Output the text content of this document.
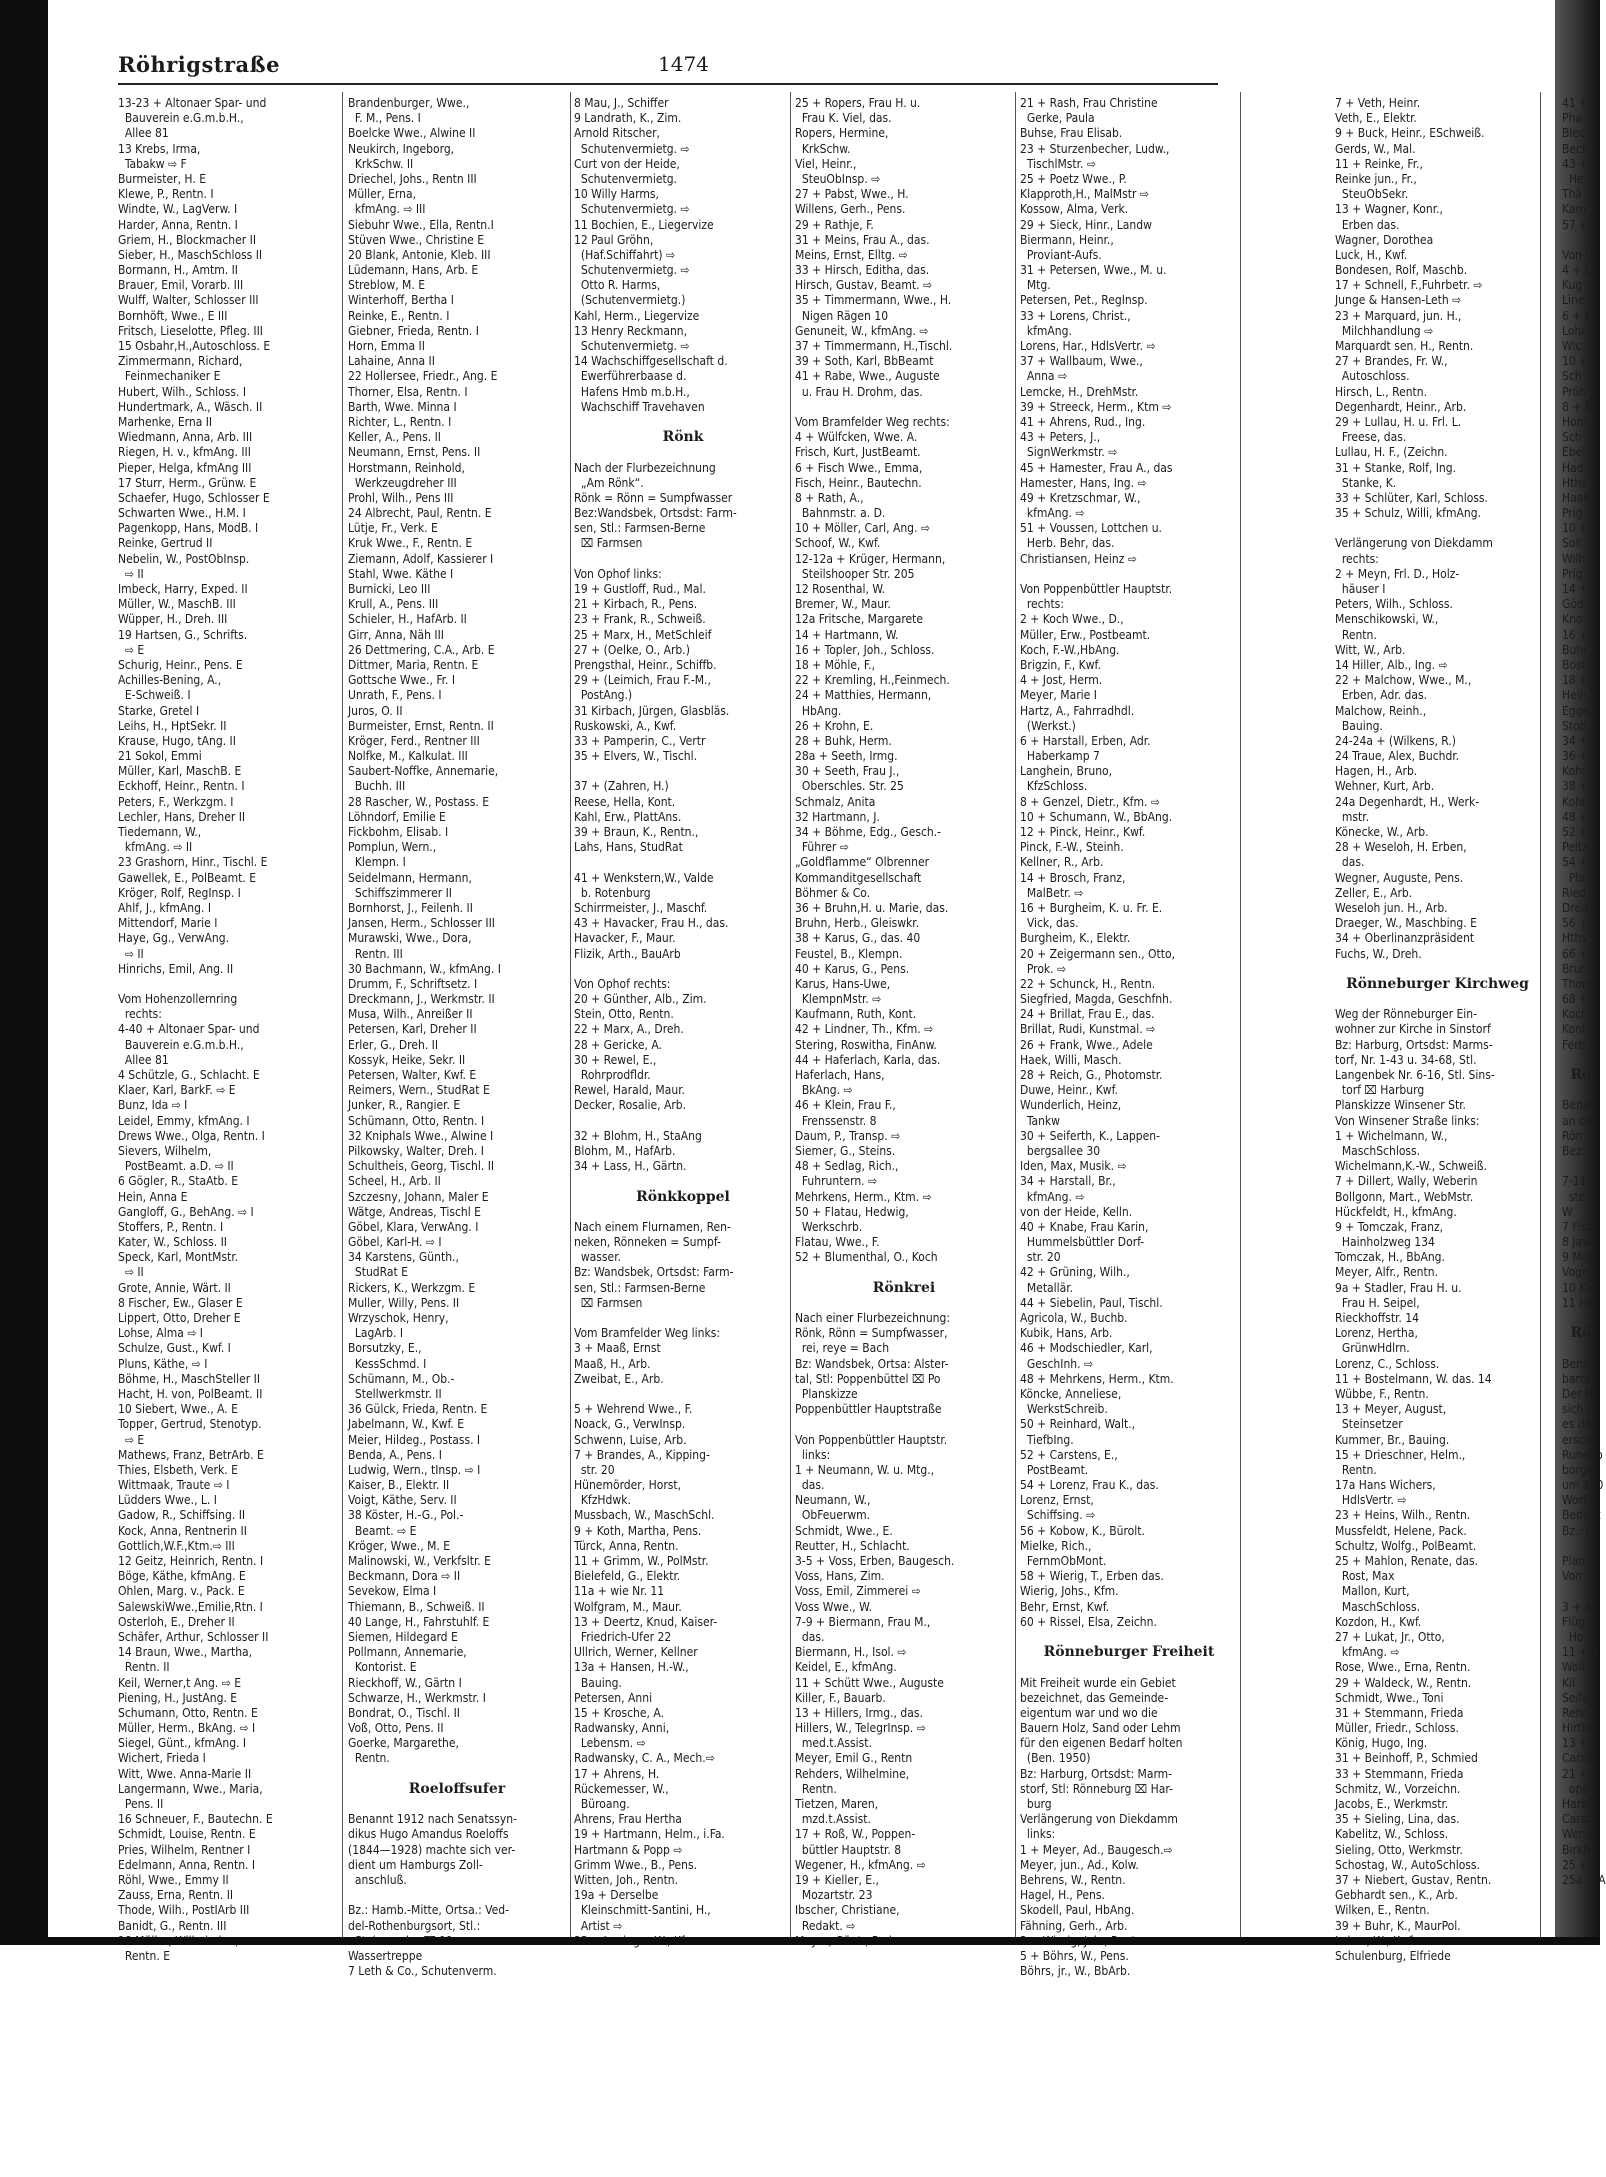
Röhrigstraße	1474
13-23 + Altonaer Spar- und
Bauverein e.G.m.b.H.,
Allee 81
13 Krebs, Irma,
Tabakw ⇨ F
Burmeister, H. E
Klewe, P., Rentn. I
Windte, W., LagVerw. I
Harder, Anna, Rentn. I
Griem, H., Blockmacher II
Sieber, H., MaschSchloss II
Bormann, H., Amtm. II
Brauer, Emil, Vorarb. III
Wulff, Walter, Schlosser III
Bornhöft, Wwe., E III
Fritsch, Lieselotte, Pfleg. III
15 Osbahr,H.,Autoschloss. E
Zimmermann, Richard,
Feinmechaniker E
Hubert, Wilh., Schloss. I
Hundertmark, A., Wäsch. II
Marhenke, Erna II
Wiedmann, Anna, Arb. III
Riegen, H. v., kfmAng. III
Pieper, Helga, kfmAng III
17 Sturr, Herm., Grünw. E
Schaefer, Hugo, Schlosser E
Schwarten Wwe., H.M. I
Pagenkopp, Hans, ModB. I
Reinke, Gertrud II
Nebelin, W., PostObInsp.
⇨ II
Imbeck, Harry, Exped. II
Müller, W., MaschB. III
Wüpper, H., Dreh. III
19 Hartsen, G., Schrifts.
⇨ E
Schurig, Heinr., Pens. E
Achilles-Bening, A.,
E-Schweiß. I
Starke, Gretel I
Leihs, H., HptSekr. II
Krause, Hugo, tAng. II
21 Sokol, Emmi
Müller, Karl, MaschB. E
Eckhoff, Heinr., Rentn. I
Peters, F., Werkzgm. I
Lechler, Hans, Dreher II
Tiedemann, W.,
kfmAng. ⇨ II
23 Grashorn, Hinr., Tischl. E
Gawellek, E., PolBeamt. E
Kröger, Rolf, RegInsp. I
Ahlf, J., kfmAng. I
Mittendorf, Marie I
Haye, Gg., VerwAng.
⇨ II
Hinrichs, Emil, Ang. II
Vom Hohenzollernring
rechts:
4-40 + Altonaer Spar- und
Bauverein e.G.m.b.H.,
Allee 81
4 Schützle, G., Schlacht. E
Klaer, Karl, BarkF. ⇨ E
Bunz, Ida ⇨ I
Leidel, Emmy, kfmAng. I
Drews Wwe., Olga, Rentn. I
Sievers, Wilhelm,
PostBeamt. a.D. ⇨ II
6 Gögler, R., StaAtb. E
Hein, Anna E
Gangloff, G., BehAng. ⇨ I
Stoffers, P., Rentn. I
Kater, W., Schloss. II
Speck, Karl, MontMstr.
⇨ II
Grote, Annie, Wärt. II
8 Fischer, Ew., Glaser E
Lippert, Otto, Dreher E
Lohse, Alma ⇨ I
Schulze, Gust., Kwf. I
Pluns, Käthe, ⇨ I
Böhme, H., MaschSteller II
Hacht, H. von, PolBeamt. II
10 Siebert, Wwe., A. E
Topper, Gertrud, Stenotyp.
⇨ E
Mathews, Franz, BetrArb. E
Thies, Elsbeth, Verk. E
Wittmaak, Traute ⇨ I
Lüdders Wwe., L. I
Gadow, R., Schiffsing. II
Kock, Anna, Rentnerin II
Gottlich,W.F.,Ktm.⇨ III
12 Geitz, Heinrich, Rentn. I
Böge, Käthe, kfmAng. E
Ohlen, Marg. v., Pack. E
SalewskiWwe.,Emilie,Rtn. I
Osterloh, E., Dreher II
Schäfer, Arthur, Schlosser II
14 Braun, Wwe., Martha,
Rentn. II
Keil, Werner,t Ang. ⇨ E
Piening, H., JustAng. E
Schumann, Otto, Rentn. E
Müller, Herm., BkAng. ⇨ I
Siegel, Günt., kfmAng. I
Wichert, Frieda I
Witt, Wwe. Anna-Marie II
Langermann, Wwe., Maria,
Pens. II
16 Schneuer, F., Bautechn. E
Schmidt, Louise, Rentn. E
Pries, Wilhelm, Rentner I
Edelmann, Anna, Rentn. I
Röhl, Wwe., Emmy II
Zauss, Erna, Rentn. II
Thode, Wilh., PostIArb III
Banidt, G., Rentn. III
Rentn. E
Brandenburger, Wwe.,
F. M., Pens. I
Boelcke Wwe., Alwine II
Neukirch, Ingeborg,
KrkSchw. II
Driechel, Johs., Rentn III
Müller, Erna,
kfmAng. ⇨ III
Siebuhr Wwe., Ella, Rentn.I
Stüven Wwe., Christine E
20 Blank, Antonie, Kleb. III
Lüdemann, Hans, Arb. E
Streblow, M. E
Winterhoff, Bertha I
Reinke, E., Rentn. I
Giebner, Frieda, Rentn. I
Horn, Emma II
Lahaine, Anna II
22 Hollersee, Friedr., Ang. E
Thorner, Elsa, Rentn. I
Barth, Wwe. Minna I
Richter, L., Rentn. I
Keller, A., Pens. II
Neumann, Ernst, Pens. II
Horstmann, Reinhold,
Werkzeugdreher III
Prohl, Wilh., Pens III
24 Albrecht, Paul, Rentn. E
Lütje, Fr., Verk. E
Kruk Wwe., F., Rentn. E
Ziemann, Adolf, Kassierer I
Stahl, Wwe. Käthe I
Burnicki, Leo III
Krull, A., Pens. III
Schieler, H., HafArb. II
Girr, Anna, Näh III
26 Dettmering, C.A., Arb. E
Dittmer, Maria, Rentn. E
Gottsche Wwe., Fr. I
Unrath, F., Pens. I
Juros, O. II
Burmeister, Ernst, Rentn. II
Kröger, Ferd., Rentner III
Nolfke, M., Kalkulat. III
Saubert-Noffke, Annemarie,
Buchh. III
28 Rascher, W., Postass. E
Löhndorf, Emilie E
Fickbohm, Elisab. I
Pomplun, Wern.,
Klempn. I
Seidelmann, Hermann,
Schiffszimmerer II
Bornhorst, J., Feilenh. II
Jansen, Herm., Schlosser III
Murawski, Wwe., Dora,
Rentn. III
30 Bachmann, W., kfmAng. I
Drumm, F., Schriftsetz. I
Dreckmann, J., Werkmstr. II
Musa, Wilh., Anreißer II
Petersen, Karl, Dreher II
Erler, G., Dreh. II
Kossyk, Heike, Sekr. II
Petersen, Walter, Kwf. E
Reimers, Wern., StudRat E
Junker, R., Rangier. E
Schümann, Otto, Rentn. I
32 Kniphals Wwe., Alwine I
Pilkowsky, Walter, Dreh. I
Schultheis, Georg, Tischl. II
Scheel, H., Arb. II
Szczesny, Johann, Maler E
Wätge, Andreas, Tischl E
Göbel, Klara, VerwAng. I
Göbel, Karl-H. ⇨ I
34 Karstens, Günth.,
StudRat E
Rickers, K., Werkzgm. E
Muller, Willy, Pens. II
Wrzyschok, Henry,
LagArb. I
Borsutzky, E.,
KessSchmd. I
Schümann, M., Ob.-
Stellwerkmstr. II
36 Gülck, Frieda, Rentn. E
Jabelmann, W., Kwf. E
Meier, Hildeg., Postass. I
Benda, A., Pens. I
Ludwig, Wern., tInsp. ⇨ I
Kaiser, B., Elektr. II
Voigt, Käthe, Serv. II
38 Köster, H.-G., Pol.-
Beamt. ⇨ E
Kröger, Wwe., M. E
Malinowski, W., Verkfsltr. E
Beckmann, Dora ⇨ II
Sevekow, Elma I
Thiemann, B., Schweiß. II
40 Lange, H., Fahrstuhlf. E
Siemen, Hildegard E
Pollmann, Annemarie,
Kontorist. E
Rieckhoff, W., Gärtn I
Schwarze, H., Werkmstr. I
Bondrat, O., Tischl. II
Voß, Otto, Pens. II
Goerke, Margarethe,
Rentn.
Roeloffsufer
Benannt 1912 nach Senatssyn-
dikus Hugo Amandus Roeloffs
(1844—1928) machte sich ver-
dient um Hamburgs Zoll-
anschluß.
Bz.: Hamb.-Mitte, Ortsa.: Ved-
del-Rothenburgsort, Stl.:
Wassertreppe
7 Leth & Co., Schutenverm.
8 Mau, J., Schiffer
9 Landrath, K., Zim.
Arnold Ritscher,
Schutenvermietg. ⇨
Curt von der Heide,
Schutenvermietg.
10 Willy Harms,
Schutenvermietg. ⇨
11 Bochien, E., Liegervize
12 Paul Gröhn,
(Haf.Schiffahrt) ⇨
Schutenvermietg. ⇨
Otto R. Harms,
(Schutenvermietg.)
Kahl, Herm., Liegervize
13 Henry Reckmann,
Schutenvermietg. ⇨
14 Wachschiffgesellschaft d.
Ewerführerbaase d.
Hafens Hmb m.b.H.,
Wachschiff Travehaven
Rönk
Nach der Flurbezeichnung
„Am Rönk“.
Rönk = Rönn = Sumpfwasser
Bez:Wandsbek, Ortsdst: Farm-
sen, Stl.: Farmsen-Berne
⌧ Farmsen
Von Ophof links:
19 + Gustloff, Rud., Mal.
21 + Kirbach, R., Pens.
23 + Frank, R., Schweiß.
25 + Marx, H., MetSchleif
27 + (Oelke, O., Arb.)
Prengsthal, Heinr., Schiffb.
29 + (Leimich, Frau F.-M.,
PostAng.)
31 Kirbach, Jürgen, Glasbläs.
Ruskowski, A., Kwf.
33 + Pamperin, C., Vertr
35 + Elvers, W., Tischl.
37 + (Zahren, H.)
Reese, Hella, Kont.
Kahl, Erw., PlattAns.
39 + Braun, K., Rentn.,
Lahs, Hans, StudRat
41 + Wenkstern,W., Valde
b. Rotenburg
Schirrmeister, J., Maschf.
43 + Havacker, Frau H., das.
Havacker, F., Maur.
Flizik, Arth., BauArb
Von Ophof rechts:
20 + Günther, Alb., Zim.
Stein, Otto, Rentn.
22 + Marx, A., Dreh.
28 + Gericke, A.
30 + Rewel, E.,
Rohrprodfldr.
Rewel, Harald, Maur.
Decker, Rosalie, Arb.
32 + Blohm, H., StaAng
Blohm, M., HafArb.
34 + Lass, H., Gärtn.
Rönkkoppel
Nach einem Flurnamen, Ren-
neken, Rönneken = Sumpf-
wasser.
Bz: Wandsbek, Ortsdst: Farm-
sen, Stl.: Farmsen-Berne
⌧ Farmsen
Vom Bramfelder Weg links:
3 + Maaß, Ernst
Maaß, H., Arb.
Zweibat, E., Arb.
5 + Wehrend Wwe., F.
Noack, G., VerwInsp.
Schwenn, Luise, Arb.
7 + Brandes, A., Kipping-
str. 20
Hünemörder, Horst,
KfzHdwk.
Mussbach, W., MaschSchl.
9 + Koth, Martha, Pens.
Türck, Anna, Rentn.
11 + Grimm, W., PolMstr.
Bielefeld, G., Elektr.
11a + wie Nr. 11
Wolfgram, M., Maur.
13 + Deertz, Knud, Kaiser-
Friedrich-Ufer 22
Ullrich, Werner, Kellner
13a + Hansen, H.-W.,
Bauing.
Petersen, Anni
15 + Krosche, A.
Radwansky, Anni,
Lebensm. ⇨
Radwansky, C. A., Mech.⇨
17 + Ahrens, H.
Rückemesser, W.,
Büroang.
Ahrens, Frau Hertha
19 + Hartmann, Helm., i.Fa.
Hartmann & Popp ⇨
Grimm Wwe., B., Pens.
Witten, Joh., Rentn.
19a + Derselbe
Kleinschmitt-Santini, H.,
Artist ⇨
25 + Ropers, Frau H. u.
Frau K. Viel, das.
Ropers, Hermine,
KrkSchw.
Viel, Heinr.,
SteuObInsp. ⇨
27 + Pabst, Wwe., H.
Willens, Gerh., Pens.
29 + Rathje, F.
31 + Meins, Frau A., das.
Meins, Ernst, Elltg. ⇨
33 + Hirsch, Editha, das.
Hirsch, Gustav, Beamt. ⇨
35 + Timmermann, Wwe., H.
Nigen Rägen 10
Genuneit, W., kfmAng. ⇨
37 + Timmermann, H.,Tischl.
39 + Soth, Karl, BbBeamt
41 + Rabe, Wwe., Auguste
u. Frau H. Drohm, das.
Vom Bramfelder Weg rechts:
4 + Wülfcken, Wwe. A.
Frisch, Kurt, JustBeamt.
6 + Fisch Wwe., Emma,
Fisch, Heinr., Bautechn.
8 + Rath, A.,
Bahnmstr. a. D.
10 + Möller, Carl, Ang. ⇨
Schoof, W., Kwf.
12-12a + Krüger, Hermann,
Steilshooper Str. 205
12 Rosenthal, W.
Bremer, W., Maur.
12a Fritsche, Margarete
14 + Hartmann, W.
16 + Topler, Joh., Schloss.
18 + Möhle, F.,
22 + Kremling, H.,Feinmech.
24 + Matthies, Hermann,
HbAng.
26 + Krohn, E.
28 + Buhk, Herm.
28a + Seeth, Irmg.
30 + Seeth, Frau J.,
Oberschles. Str. 25
Schmalz, Anita
32 Hartmann, J.
34 + Böhme, Edg., Gesch.-
Führer ⇨
„Goldflamme“ Olbrenner
Kommanditgesellschaft
Böhmer & Co.
36 + Bruhn,H. u. Marie, das.
Bruhn, Herb., Gleiswkr.
38 + Karus, G., das. 40
Feustel, B., Klempn.
40 + Karus, G., Pens.
Karus, Hans-Uwe,
KlempnMstr. ⇨
Kaufmann, Ruth, Kont.
42 + Lindner, Th., Kfm. ⇨
Stering, Roswitha, FinAnw.
44 + Haferlach, Karla, das.
Haferlach, Hans,
BkAng. ⇨
46 + Klein, Frau F.,
Frenssenstr. 8
Daum, P., Transp. ⇨
Siemer, G., Steins.
48 + Sedlag, Rich.,
Fuhruntern. ⇨
Mehrkens, Herm., Ktm. ⇨
50 + Flatau, Hedwig,
Werkschrb.
Flatau, Wwe., F.
52 + Blumenthal, O., Koch
Rönkrei
Nach einer Flurbezeichnung:
Rönk, Rönn = Sumpfwasser,
rei, reye = Bach
Bz: Wandsbek, Ortsa: Alster-
tal, Stl: Poppenbüttel ⌧ Po
Planskizze
Poppenbüttler Hauptstraße
Von Poppenbüttler Hauptstr.
links:
1 + Neumann, W. u. Mtg.,
das.
Neumann, W.,
ObFeuerwm.
Schmidt, Wwe., E.
Reutter, H., Schlacht.
3-5 + Voss, Erben, Baugesch.
Voss, Hans, Zim.
Voss, Emil, Zimmerei ⇨
Voss Wwe., W.
7-9 + Biermann, Frau M.,
das.
Biermann, H., Isol. ⇨
Keidel, E., kfmAng.
11 + Schütt Wwe., Auguste
Killer, F., Bauarb.
13 + Hillers, Irmg., das.
Hillers, W., TelegrInsp. ⇨
med.t.Assist.
Meyer, Emil G., Rentn
Rehders, Wilhelmine,
Rentn.
Tietzen, Maren,
mzd.t.Assist.
17 + Roß, W., Poppen-
büttler Hauptstr. 8
Wegener, H., kfmAng. ⇨
19 + Kieller, E.,
Mozartstr. 23
Ibscher, Christiane,
Redakt. ⇨
21 + Rash, Frau Christine
Gerke, Paula
Buhse, Frau Elisab.
23 + Sturzenbecher, Ludw.,
TischlMstr. ⇨
25 + Poetz Wwe., P.
Klapproth,H., MalMstr ⇨
Kossow, Alma, Verk.
29 + Sieck, Hinr., Landw
Biermann, Heinr.,
Proviant-Aufs.
31 + Petersen, Wwe., M. u.
Mtg.
Petersen, Pet., RegInsp.
33 + Lorens, Christ.,
kfmAng.
Lorens, Har., HdlsVertr. ⇨
37 + Wallbaum, Wwe.,
Anna ⇨
Lemcke, H., DrehMstr.
39 + Streeck, Herm., Ktm ⇨
41 + Ahrens, Rud., Ing.
43 + Peters, J.,
SignWerkmstr. ⇨
45 + Hamester, Frau A., das
Hamester, Hans, Ing. ⇨
49 + Kretzschmar, W.,
kfmAng. ⇨
51 + Voussen, Lottchen u.
Herb. Behr, das.
Christiansen, Heinz ⇨
Von Poppenbüttler Hauptstr.
rechts:
2 + Koch Wwe., D.,
Müller, Erw., Postbeamt.
Koch, F.-W.,HbAng.
Brigzin, F., Kwf.
4 + Jost, Herm.
Meyer, Marie I
Hartz, A., Fahrradhdl.
(Werkst.)
6 + Harstall, Erben, Adr.
Haberkamp 7
Langhein, Bruno,
KfzSchloss.
8 + Genzel, Dietr., Kfm. ⇨
10 + Schumann, W., BbAng.
12 + Pinck, Heinr., Kwf.
Pinck, F.-W., Steinh.
Kellner, R., Arb.
14 + Brosch, Franz,
MalBetr. ⇨
16 + Burgheim, K. u. Fr. E.
Vick, das.
Burgheim, K., Elektr.
20 + Zeigermann sen., Otto,
Prok. ⇨
22 + Schunck, H., Rentn.
Siegfried, Magda, Geschfnh.
24 + Brillat, Frau E., das.
Brillat, Rudi, Kunstmal. ⇨
26 + Frank, Wwe., Adele
Haek, Willi, Masch.
28 + Reich, G., Photomstr.
Duwe, Heinr., Kwf.
Wunderlich, Heinz,
Tankw
30 + Seiferth, K., Lappen-
bergsallee 30
Iden, Max, Musik. ⇨
34 + Harstall, Br.,
kfmAng. ⇨
von der Heide, Kelln.
40 + Knabe, Frau Karin,
Hummelsbüttler Dorf-
str. 20
42 + Grüning, Wilh.,
Metallär.
44 + Siebelin, Paul, Tischl.
Agricola, W., Buchb.
Kubik, Hans, Arb.
46 + Modschiedler, Karl,
GeschInh. ⇨
48 + Mehrkens, Herm., Ktm.
Köncke, Anneliese,
WerkstSchreib.
50 + Reinhard, Walt.,
TiefbIng.
52 + Carstens, E.,
PostBeamt.
54 + Lorenz, Frau K., das.
Lorenz, Ernst,
Schiffsing. ⇨
56 + Kobow, K., Bürolt.
Mielke, Rich.,
FernmObMont.
58 + Wierig, T., Erben das.
Wierig, Johs., Kfm.
Behr, Ernst, Kwf.
60 + Rissel, Elsa, Zeichn.
Rönneburger Freiheit
Mit Freiheit wurde ein Gebiet
bezeichnet, das Gemeinde-
eigentum war und wo die
Bauern Holz, Sand oder Lehm
für den eigenen Bedarf holten
(Ben. 1950)
Bz: Harburg, Ortsdst: Marm-
storf, Stl: Rönneburg ⌧ Har-
burg
Verlängerung von Diekdamm
links:
1 + Meyer, Ad., Baugesch.⇨
Meyer, jun., Ad., Kolw.
Behrens, W., Rentn.
Hagel, H., Pens.
Skodell, Paul, HbAng.
Fähning, Gerh., Arb.
5 + Böhrs, W., Pens.
Böhrs, jr., W., BbArb.
7 + Veth, Heinr.
Veth, E., Elektr.
9 + Buck, Heinr., ESchweiß.
Gerds, W., Mal.
11 + Reinke, Fr.,
Reinke jun., Fr.,
SteuObSekr.
13 + Wagner, Konr.,
Erben das.
Wagner, Dorothea
Luck, H., Kwf.
Bondesen, Rolf, Maschb.
17 + Schnell, F.,Fuhrbetr. ⇨
Junge & Hansen-Leth ⇨
23 + Marquard, jun. H.,
Milchhandlung ⇨
Marquardt sen. H., Rentn.
27 + Brandes, Fr. W.,
Autoschloss.
Hirsch, L., Rentn.
Degenhardt, Heinr., Arb.
29 + Lullau, H. u. Frl. L.
Freese, das.
Lullau, H. F., (Zeichn.
31 + Stanke, Rolf, Ing.
Stanke, K.
33 + Schlüter, Karl, Schloss.
35 + Schulz, Willi, kfmAng.
Verlängerung von Diekdamm
rechts:
2 + Meyn, Frl. D., Holz-
häuser I
Peters, Wilh., Schloss.
Menschikowski, W.,
Rentn.
Witt, W., Arb.
14 Hiller, Alb., Ing. ⇨
22 + Malchow, Wwe., M.,
Erben, Adr. das.
Malchow, Reinh.,
Bauing.
24-24a + (Wilkens, R.)
24 Traue, Alex, Buchdr.
Hagen, H., Arb.
Wehner, Kurt, Arb.
24a Degenhardt, H., Werk-
mstr.
Könecke, W., Arb.
28 + Weseloh, H. Erben,
das.
Wegner, Auguste, Pens.
Zeller, E., Arb.
Weseloh jun. H., Arb.
Draeger, W., Maschbing. E
34 + Oberlinanzpräsident
Fuchs, W., Dreh.
Rönneburger Kirchweg
Weg der Rönneburger Ein-
wohner zur Kirche in Sinstorf
Bz: Harburg, Ortsdst: Marms-
torf, Nr. 1-43 u. 34-68, Stl.
Langenbek Nr. 6-16, Stl. Sins-
torf ⌧ Harburg
Planskizze Winsener Str.
Von Winsener Straße links:
1 + Wichelmann, W.,
MaschSchloss.
Wichelmann,K.-W., Schweiß.
7 + Dillert, Wally, Weberin
Bollgonn, Mart., WebMstr.
Hückfeldt, H., kfmAng.
9 + Tomczak, Franz,
Hainholzweg 134
Tomczak, H., BbAng.
Meyer, Alfr., Rentn.
9a + Stadler, Frau H. u.
Frau H. Seipel,
Rieckhoffstr. 14
Lorenz, Hertha,
GrünwHdlrn.
Lorenz, C., Schloss.
11 + Bostelmann, W. das. 14
Wübbe, F., Rentn.
13 + Meyer, August,
Steinsetzer
Kummer, Br., Bauing.
15 + Drieschner, Helm.,
Rentn.
17a Hans Wichers,
HdlsVertr. ⇨
23 + Heins, Wilh., Rentn.
Mussfeldt, Helene, Pack.
Schultz, Wolfg., PolBeamt.
25 + Mahlon, Renate, das.
Rost, Max
Mallon, Kurt,
MaschSchloss.
Kozdon, H., Kwf.
27 + Lukat, Jr., Otto,
kfmAng. ⇨
Rose, Wwe., Erna, Rentn.
29 + Waldeck, W., Rentn.
Schmidt, Wwe., Toni
31 + Stemmann, Frieda
Müller, Friedr., Schloss.
König, Hugo, Ing.
31 + Beinhoff, P., Schmied
33 + Stemmann, Frieda
Schmitz, W., Vorzeichn.
Jacobs, E., Werkmstr.
35 + Sieling, Lina, das.
Kabelitz, W., Schloss.
Sieling, Otto, Werkmstr.
Schostag, W., AutoSchloss.
37 + Niebert, Gustav, Rentn.
Gebhardt sen., K., Arb.
Wilken, E., Rentn.
39 + Buhr, K., MaurPol.
Schulenburg, Elfriede
41 +
Pha
Blec
Beck
43 +
He
Thä
Kam
57 +
Von V
4 + L
Kug
Line
6 + L
Lohr
Wic
10 +
Sch
Pröh
8 + El
Hom
Sch
Ebel
Had
Hths
Haak
Prig
10 +
Solt
Wilh
Prig
14 +
Göd
Kno
16 +
Buhr
Bost
18 +
Hein
Egge
Stob
34 +
36 +
Kohr
38 +
Kohl
48 +
52 +
Peltz
54 +
Pla
Ried
Dred
56 +
Hths
66 +
Brun
Thon
68 + E
Koch
Kont
Ferb
Rö
Benan
an de
Rön
Bez.:
7-11 +
ste
W
7 Fisc
8 Jaw
9 Mey
Voge
10 Kie
11 Ha
Rö
Benan
barte
Der N
sich i
es dö
ersche
Runebo
borgh,
um 160
Wort
Bedeut
Bz.: H
Plan
Von
3 + A
Flüg
Ho
11 + S
Wolt
Kil
Seife
Rehr
Hirtle
13 + B
Carst
21 + G
opp
Harb
Carst
Wenc
Birkh
25 + F
25a + A
